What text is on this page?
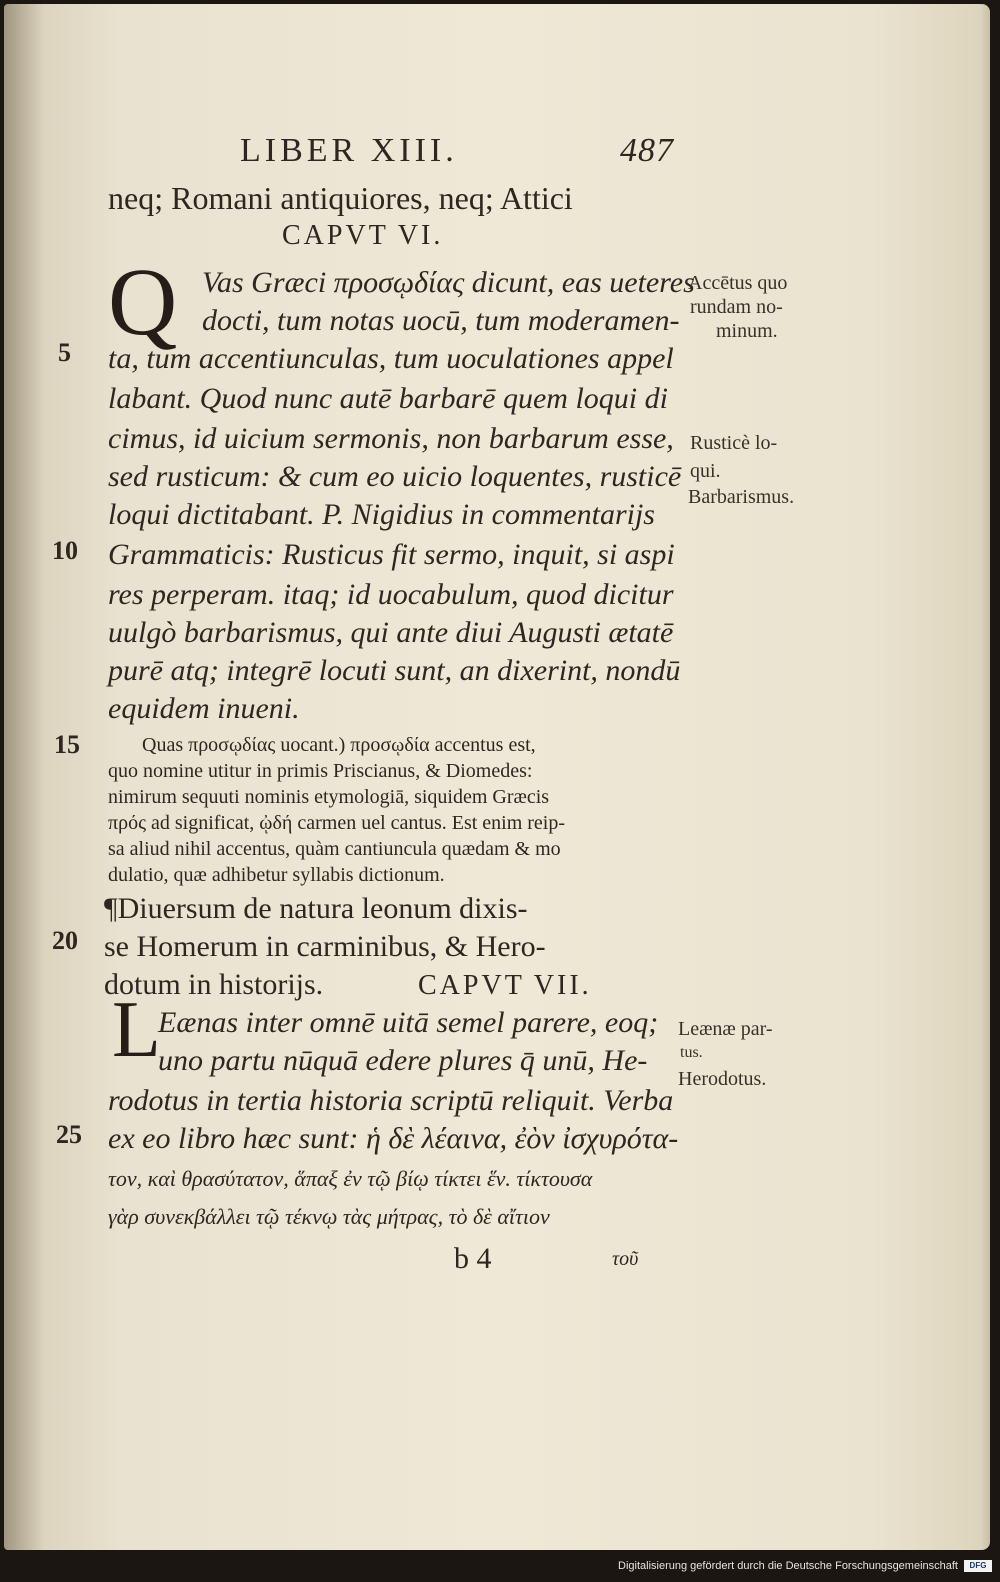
LIBER XIII.	487
neq; Romani antiquiores, neq; Attici
CAPVT VI.
Q Vas Græci προσῳδίας dicunt, eas ueteres
docti, tum notas uocū, tum moderamen-
ta, tum accentiunculas, tum uoculationes appel
labant. Quod nunc autē barbarē quem loqui di
cimus, id uicium sermonis, non barbarum esse,
sed rusticum: & cum eo uicio loquentes, rusticē
loqui dictitabant. P. Nigidius in commentarijs
Grammaticis: Rusticus fit sermo, inquit, si aspi
res perperam. itaq; id uocabulum, quod dicitur
uulgò barbarismus, qui ante diui Augusti ætatē
purē atq; integrē locuti sunt, an dixerint, nondū
equidem inueni.
Quas προσῳδίας uocant.) προσῳδία accentus est,
quo nomine utitur in primis Priscianus, & Diomedes:
nimirum sequuti nominis etymologiā, siquidem Græcis
πρός ad significat, ᾠδή carmen uel cantus. Est enim reip-
sa aliud nihil accentus, quàm cantiuncula quædam & mo
dulatio, quæ adhibetur syllabis dictionum.
¶Diuersum de natura leonum dixis-
se Homerum in carminibus, & Hero-
dotum in historijs.	CAPVT VII.
L
Eænas inter omnē uitā semel parere, eoq;
uno partu nūquā edere plures q̄ unū, He-
rodotus in tertia historia scriptū reliquit. Verba
ex eo libro hæc sunt: ἡ δὲ λέαινα, ἐὸν ἰσχυρότα-
τον, καὶ θρασύτατον, ἅπαξ ἐν τῷ βίῳ τίκτει ἕν. τίκτουσα
γὰρ συνεκβάλλει τῷ τέκνῳ τὰς μήτρας, τὸ δὲ αἴτιον
b 4	τοῦ
Accētus quo
rundam no-
minum.
Rusticè lo-
qui.
Barbarismus.
Leænæ par-
tus.
Herodotus.
5
10
15
20
25
Digitalisierung gefördert durch die Deutsche Forschungsgemeinschaft	DFG
